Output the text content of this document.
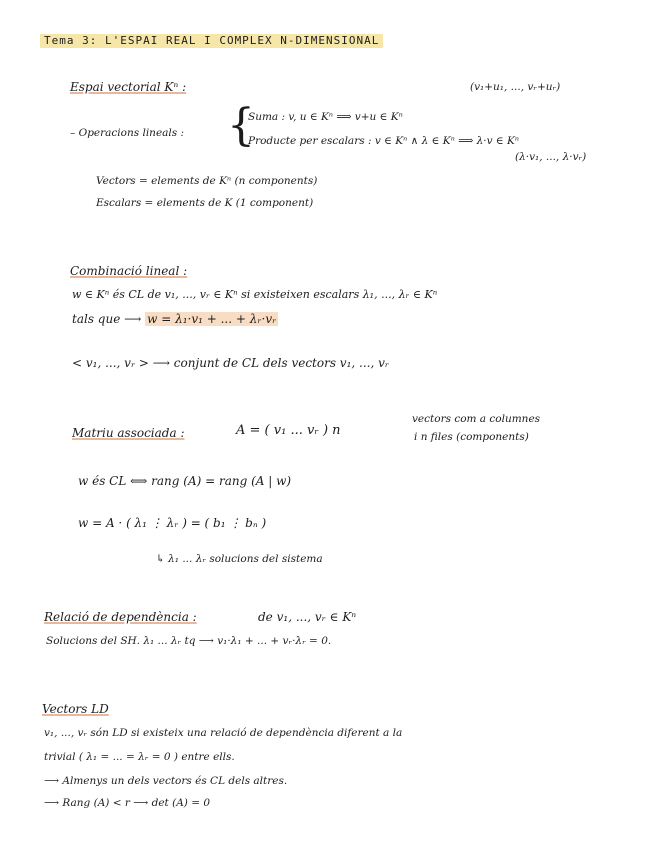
Tema 3: L'ESPAI REAL I COMPLEX N-DIMENSIONAL
Espai vectorial Kⁿ :	(v₁+u₁, ..., vᵣ+uᵣ)
– Operacions lineals : {
Suma : v, u ∈ Kⁿ ⟹ v+u ∈ Kⁿ
Producte per escalars : v ∈ Kⁿ ∧ λ ∈ Kⁿ ⟹ λ·v ∈ Kⁿ
(λ·v₁, ..., λ·vᵣ)
Vectors = elements de Kⁿ (n components)
Escalars = elements de K (1 component)
Combinació lineal :
w ∈ Kⁿ és CL de v₁, ..., vᵣ ∈ Kⁿ si existeixen escalars λ₁, ..., λᵣ ∈ Kⁿ
tals que ⟶ w = λ₁·v₁ + ... + λᵣ·vᵣ
< v₁, ..., vᵣ > ⟶ conjunt de CL dels vectors v₁, ..., vᵣ
Matriu associada :	A = ( v₁ ... vᵣ ) n
vectors com a columnes
i n files (components)
w és CL ⟺ rang (A) = rang (A | w)
w = A · ( λ₁ ⋮ λᵣ ) = ( b₁ ⋮ bₙ )
↳ λ₁ ... λᵣ solucions del sistema
Relació de dependència :	de v₁, ..., vᵣ ∈ Kⁿ
Solucions del SH. λ₁ ... λᵣ tq ⟶ v₁·λ₁ + ... + vᵣ·λᵣ = 0.
Vectors LD
v₁, ..., vᵣ són LD si existeix una relació de dependència diferent a la
trivial ( λ₁ = ... = λᵣ = 0 ) entre ells.
⟶ Almenys un dels vectors és CL dels altres.
⟶ Rang (A) < r ⟶ det (A) = 0
